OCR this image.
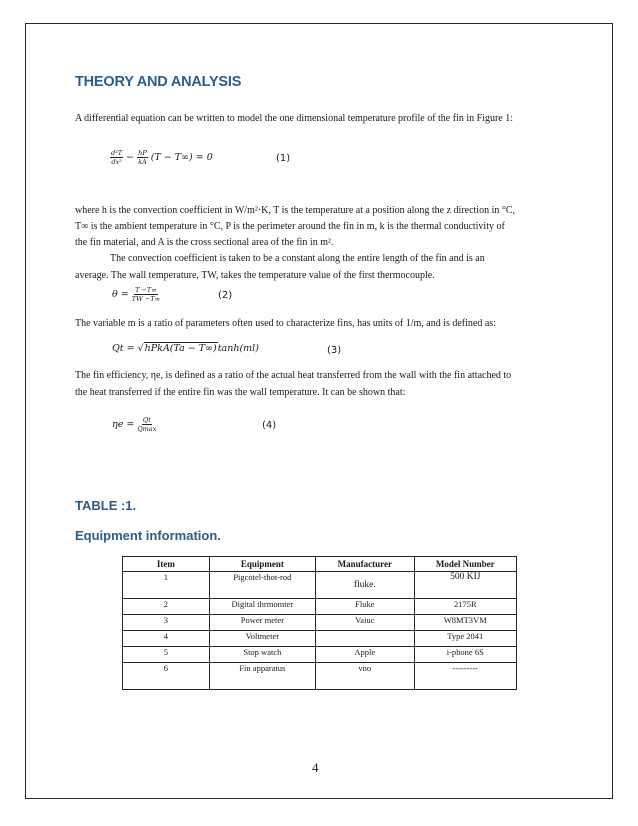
THEORY AND ANALYSIS
A differential equation can be written to model the one dimensional temperature profile of the fin in Figure 1:
$\frac{\text{d²T}}{\text{dx²}} - \frac{hP}{kA} (T - T\infty) = 0$	(1)
where h is the convection coefficient in W/m²·K, T is the temperature at a position along the z direction in °C,
T∞ is the ambient temperature in °C, P is the perimeter around the fin in m, k is the thermal conductivity of
the fin material, and A is the cross sectional area of the fin in m².
The convection coefficient is taken to be a constant along the entire length of the fin and is an
average. The wall temperature, TW, takes the temperature value of the first thermocouple.
$\theta = \frac{T -T\infty}{TW -T\infty}$	(2)
The variable m is a ratio of parameters often used to characterize fins, has units of 1/m, and is defined as:
Qt = √hPkA(Ta − T∞)tanh(ml)	(3)
The fin efficiency, ηe, is defined as a ratio of the actual heat transferred from the wall with the fin attached to
the heat transferred if the entire fin was the wall temperature. It can be shown that:
$\eta e = \frac{Qt}{Qmax}$	(4)
TABLE :1.
Equipment information.
Item	Equipment	Manufacturer	Model Number
1	Pigcotel-thot-rod	fluke.	500 KIJ
2	Digital thrmomter	Fluke	2175R
3	Power meter	Vaiuc	W8MT3VM
4	Voltmeter		Type 2041
5	Stop watch	Apple	i-phone 6S
6	Fin apparatus	vno	---------
4
